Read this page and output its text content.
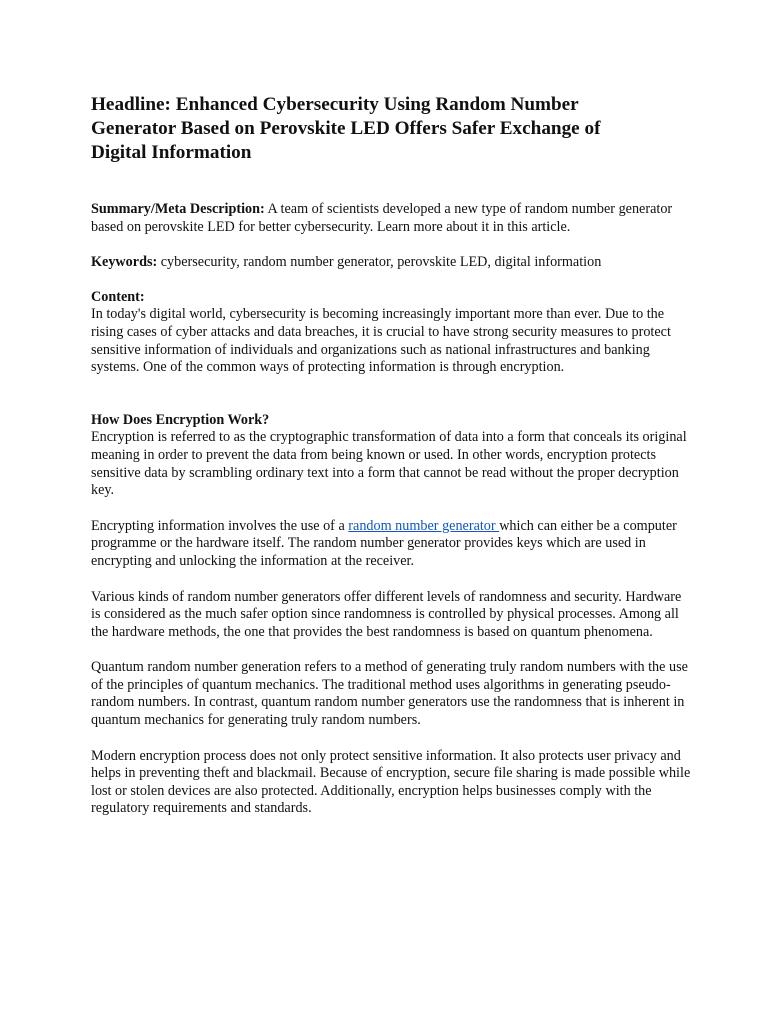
Headline: Enhanced Cybersecurity Using Random Number Generator Based on Perovskite LED Offers Safer Exchange of Digital Information

Summary/Meta Description: A team of scientists developed a new type of random number generator based on perovskite LED for better cybersecurity. Learn more about it in this article.

Keywords: cybersecurity, random number generator, perovskite LED, digital information

Content:
In today's digital world, cybersecurity is becoming increasingly important more than ever. Due to the rising cases of cyber attacks and data breaches, it is crucial to have strong security measures to protect sensitive information of individuals and organizations such as national infrastructures and banking systems. One of the common ways of protecting information is through encryption.

How Does Encryption Work?
Encryption is referred to as the cryptographic transformation of data into a form that conceals its original meaning in order to prevent the data from being known or used. In other words, encryption protects sensitive data by scrambling ordinary text into a form that cannot be read without the proper decryption key.

Encrypting information involves the use of a random number generator which can either be a computer programme or the hardware itself. The random number generator provides keys which are used in encrypting and unlocking the information at the receiver.

Various kinds of random number generators offer different levels of randomness and security. Hardware is considered as the much safer option since randomness is controlled by physical processes. Among all the hardware methods, the one that provides the best randomness is based on quantum phenomena.

Quantum random number generation refers to a method of generating truly random numbers with the use of the principles of quantum mechanics. The traditional method uses algorithms in generating pseudo-random numbers. In contrast, quantum random number generators use the randomness that is inherent in quantum mechanics for generating truly random numbers.

Modern encryption process does not only protect sensitive information. It also protects user privacy and helps in preventing theft and blackmail. Because of encryption, secure file sharing is made possible while lost or stolen devices are also protected. Additionally, encryption helps businesses comply with the regulatory requirements and standards.
